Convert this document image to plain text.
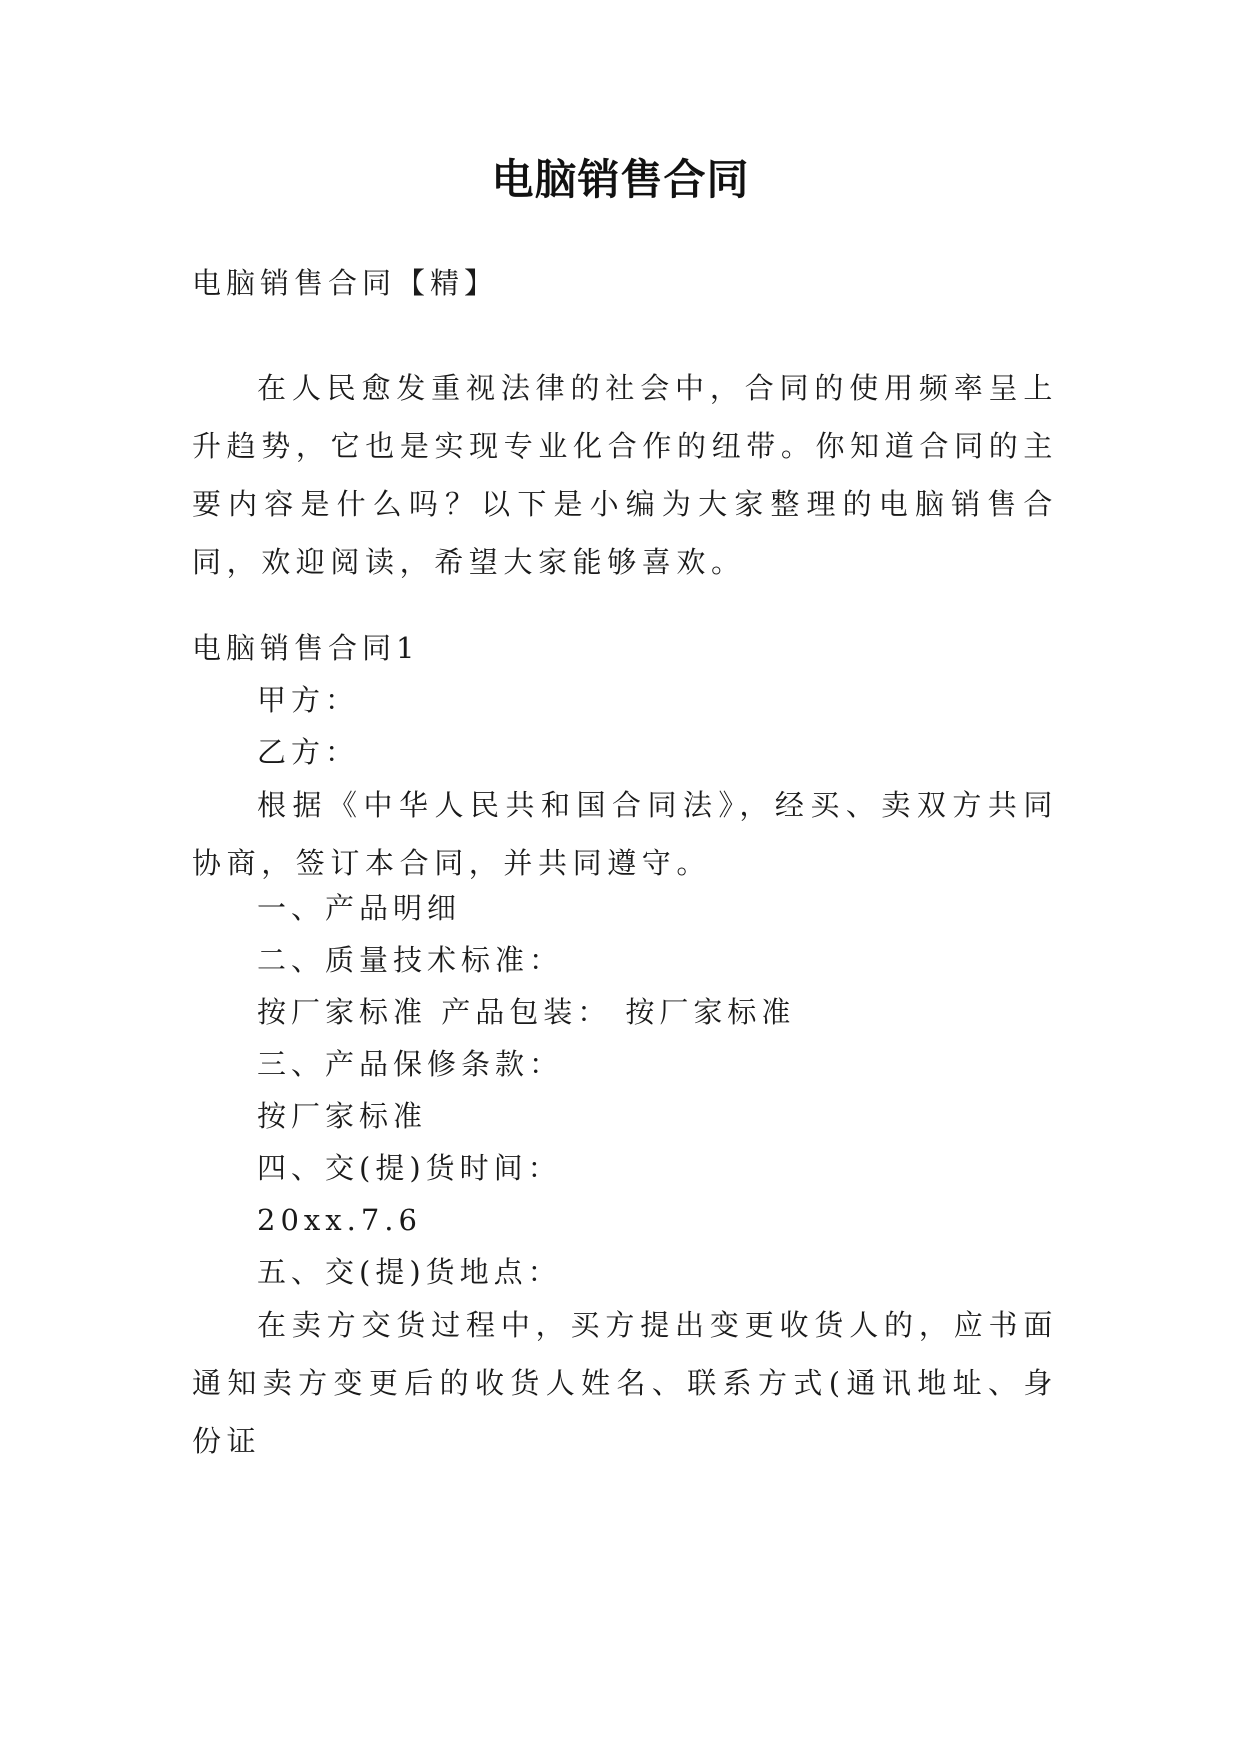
电脑销售合同
电脑销售合同【精】
在人民愈发重视法律的社会中，合同的使用频率呈上升趋势，它也是实现专业化合作的纽带。你知道合同的主要内容是什么吗？以下是小编为大家整理的电脑销售合同，欢迎阅读，希望大家能够喜欢。
电脑销售合同1
甲方：
乙方：
根据《中华人民共和国合同法》，经买、卖双方共同协商，签订本合同，并共同遵守。
一、产品明细
二、质量技术标准：
按厂家标准 产品包装： 按厂家标准
三、产品保修条款：
按厂家标准
四、交(提)货时间：
20xx.7.6
五、交(提)货地点：
在卖方交货过程中，买方提出变更收货人的，应书面通知卖方变更后的收货人姓名、联系方式(通讯地址、身份证
